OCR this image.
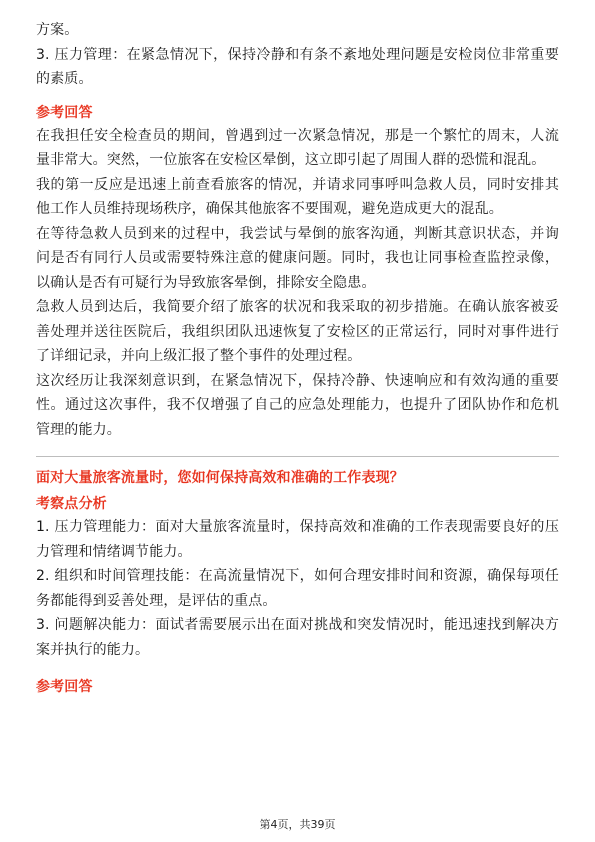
方案。

3. 压力管理：在紧急情况下，保持冷静和有条不紊地处理问题是安检岗位非常重要的素质。

参考回答

在我担任安全检查员的期间，曾遇到过一次紧急情况，那是一个繁忙的周末，人流量非常大。突然，一位旅客在安检区晕倒，这立即引起了周围人群的恐慌和混乱。

我的第一反应是迅速上前查看旅客的情况，并请求同事呼叫急救人员，同时安排其他工作人员维持现场秩序，确保其他旅客不要围观，避免造成更大的混乱。

在等待急救人员到来的过程中，我尝试与晕倒的旅客沟通，判断其意识状态，并询问是否有同行人员或需要特殊注意的健康问题。同时，我也让同事检查监控录像，以确认是否有可疑行为导致旅客晕倒，排除安全隐患。

急救人员到达后，我简要介绍了旅客的状况和我采取的初步措施。在确认旅客被妥善处理并送往医院后，我组织团队迅速恢复了安检区的正常运行，同时对事件进行了详细记录，并向上级汇报了整个事件的处理过程。

这次经历让我深刻意识到，在紧急情况下，保持冷静、快速响应和有效沟通的重要性。通过这次事件，我不仅增强了自己的应急处理能力，也提升了团队协作和危机管理的能力。

面对大量旅客流量时，您如何保持高效和准确的工作表现？

考察点分析

1. 压力管理能力：面对大量旅客流量时，保持高效和准确的工作表现需要良好的压力管理和情绪调节能力。

2. 组织和时间管理技能：在高流量情况下，如何合理安排时间和资源，确保每项任务都能得到妥善处理，是评估的重点。

3. 问题解决能力：面试者需要展示出在面对挑战和突发情况时，能迅速找到解决方案并执行的能力。

参考回答

第4页，共39页
